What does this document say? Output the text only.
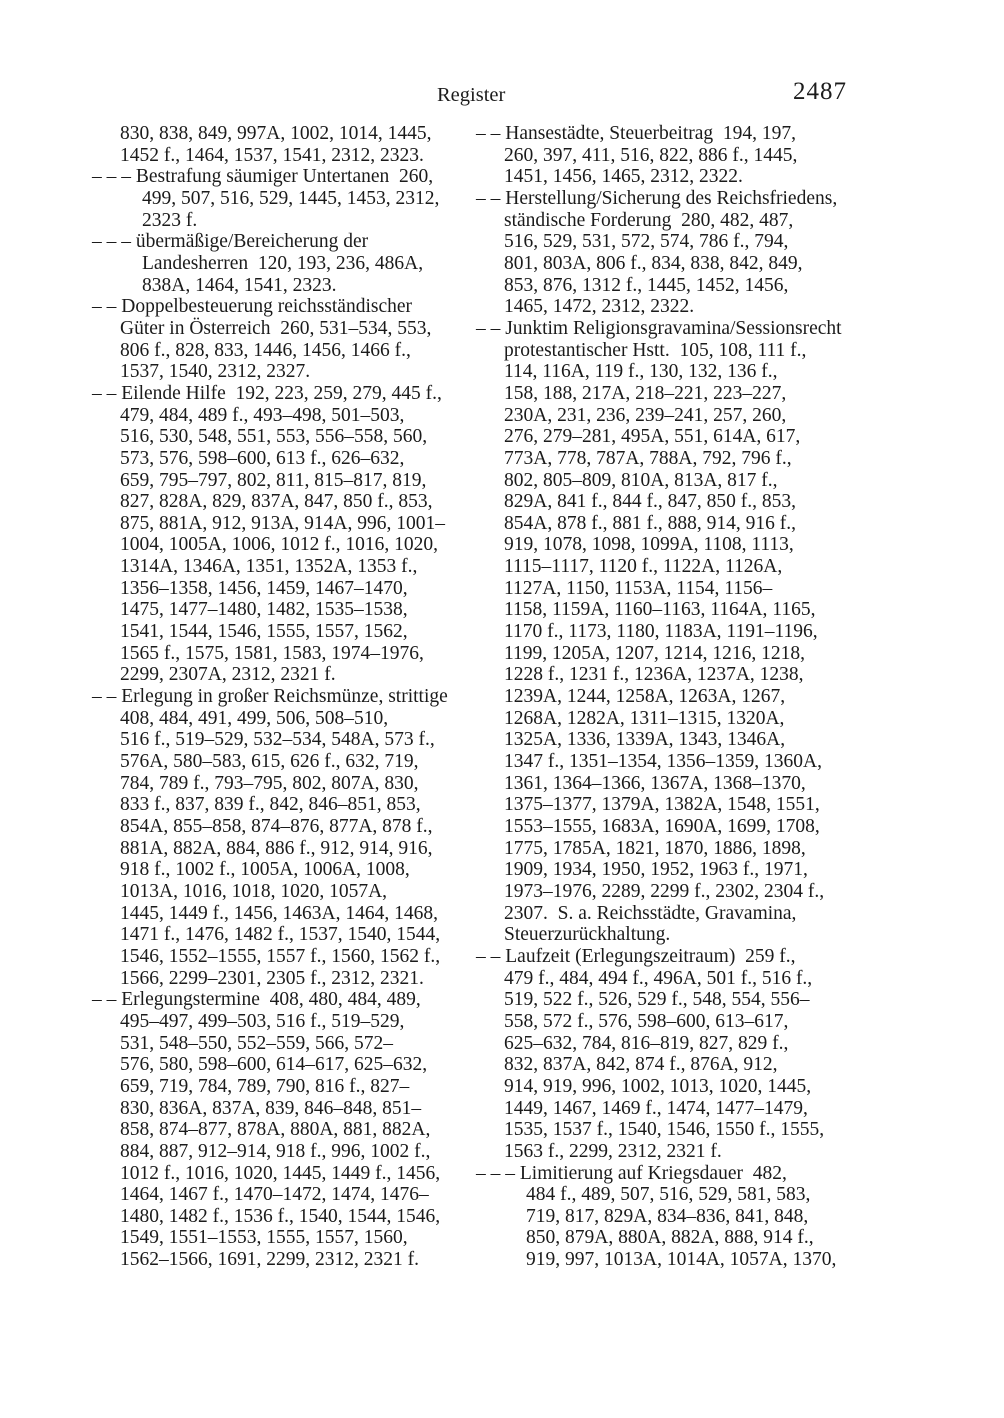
Register	2487
830, 838, 849, 997A, 1002, 1014, 1445,
1452 f., 1464, 1537, 1541, 2312, 2323.
– – – Bestrafung säumiger Untertanen  260,
499, 507, 516, 529, 1445, 1453, 2312,
2323 f.
– – – übermäßige/Bereicherung der
Landesherren  120, 193, 236, 486A,
838A, 1464, 1541, 2323.
– – Doppelbesteuerung reichsständischer
Güter in Österreich  260, 531–534, 553,
806 f., 828, 833, 1446, 1456, 1466 f.,
1537, 1540, 2312, 2327.
– – Eilende Hilfe  192, 223, 259, 279, 445 f.,
479, 484, 489 f., 493–498, 501–503,
516, 530, 548, 551, 553, 556–558, 560,
573, 576, 598–600, 613 f., 626–632,
659, 795–797, 802, 811, 815–817, 819,
827, 828A, 829, 837A, 847, 850 f., 853,
875, 881A, 912, 913A, 914A, 996, 1001–
1004, 1005A, 1006, 1012 f., 1016, 1020,
1314A, 1346A, 1351, 1352A, 1353 f.,
1356–1358, 1456, 1459, 1467–1470,
1475, 1477–1480, 1482, 1535–1538,
1541, 1544, 1546, 1555, 1557, 1562,
1565 f., 1575, 1581, 1583, 1974–1976,
2299, 2307A, 2312, 2321 f.
– – Erlegung in großer Reichsmünze, strittige
408, 484, 491, 499, 506, 508–510,
516 f., 519–529, 532–534, 548A, 573 f.,
576A, 580–583, 615, 626 f., 632, 719,
784, 789 f., 793–795, 802, 807A, 830,
833 f., 837, 839 f., 842, 846–851, 853,
854A, 855–858, 874–876, 877A, 878 f.,
881A, 882A, 884, 886 f., 912, 914, 916,
918 f., 1002 f., 1005A, 1006A, 1008,
1013A, 1016, 1018, 1020, 1057A,
1445, 1449 f., 1456, 1463A, 1464, 1468,
1471 f., 1476, 1482 f., 1537, 1540, 1544,
1546, 1552–1555, 1557 f., 1560, 1562 f.,
1566, 2299–2301, 2305 f., 2312, 2321.
– – Erlegungstermine  408, 480, 484, 489,
495–497, 499–503, 516 f., 519–529,
531, 548–550, 552–559, 566, 572–
576, 580, 598–600, 614–617, 625–632,
659, 719, 784, 789, 790, 816 f., 827–
830, 836A, 837A, 839, 846–848, 851–
858, 874–877, 878A, 880A, 881, 882A,
884, 887, 912–914, 918 f., 996, 1002 f.,
1012 f., 1016, 1020, 1445, 1449 f., 1456,
1464, 1467 f., 1470–1472, 1474, 1476–
1480, 1482 f., 1536 f., 1540, 1544, 1546,
1549, 1551–1553, 1555, 1557, 1560,
1562–1566, 1691, 2299, 2312, 2321 f.
– – Hansestädte, Steuerbeitrag  194, 197,
260, 397, 411, 516, 822, 886 f., 1445,
1451, 1456, 1465, 2312, 2322.
– – Herstellung/Sicherung des Reichsfriedens,
ständische Forderung  280, 482, 487,
516, 529, 531, 572, 574, 786 f., 794,
801, 803A, 806 f., 834, 838, 842, 849,
853, 876, 1312 f., 1445, 1452, 1456,
1465, 1472, 2312, 2322.
– – Junktim Religionsgravamina/Sessionsrecht
protestantischer Hstt.  105, 108, 111 f.,
114, 116A, 119 f., 130, 132, 136 f.,
158, 188, 217A, 218–221, 223–227,
230A, 231, 236, 239–241, 257, 260,
276, 279–281, 495A, 551, 614A, 617,
773A, 778, 787A, 788A, 792, 796 f.,
802, 805–809, 810A, 813A, 817 f.,
829A, 841 f., 844 f., 847, 850 f., 853,
854A, 878 f., 881 f., 888, 914, 916 f.,
919, 1078, 1098, 1099A, 1108, 1113,
1115–1117, 1120 f., 1122A, 1126A,
1127A, 1150, 1153A, 1154, 1156–
1158, 1159A, 1160–1163, 1164A, 1165,
1170 f., 1173, 1180, 1183A, 1191–1196,
1199, 1205A, 1207, 1214, 1216, 1218,
1228 f., 1231 f., 1236A, 1237A, 1238,
1239A, 1244, 1258A, 1263A, 1267,
1268A, 1282A, 1311–1315, 1320A,
1325A, 1336, 1339A, 1343, 1346A,
1347 f., 1351–1354, 1356–1359, 1360A,
1361, 1364–1366, 1367A, 1368–1370,
1375–1377, 1379A, 1382A, 1548, 1551,
1553–1555, 1683A, 1690A, 1699, 1708,
1775, 1785A, 1821, 1870, 1886, 1898,
1909, 1934, 1950, 1952, 1963 f., 1971,
1973–1976, 2289, 2299 f., 2302, 2304 f.,
2307.  S. a. Reichsstädte, Gravamina,
Steuerzurückhaltung.
– – Laufzeit (Erlegungszeitraum)  259 f.,
479 f., 484, 494 f., 496A, 501 f., 516 f.,
519, 522 f., 526, 529 f., 548, 554, 556–
558, 572 f., 576, 598–600, 613–617,
625–632, 784, 816–819, 827, 829 f.,
832, 837A, 842, 874 f., 876A, 912,
914, 919, 996, 1002, 1013, 1020, 1445,
1449, 1467, 1469 f., 1474, 1477–1479,
1535, 1537 f., 1540, 1546, 1550 f., 1555,
1563 f., 2299, 2312, 2321 f.
– – – Limitierung auf Kriegsdauer  482,
484 f., 489, 507, 516, 529, 581, 583,
719, 817, 829A, 834–836, 841, 848,
850, 879A, 880A, 882A, 888, 914 f.,
919, 997, 1013A, 1014A, 1057A, 1370,
